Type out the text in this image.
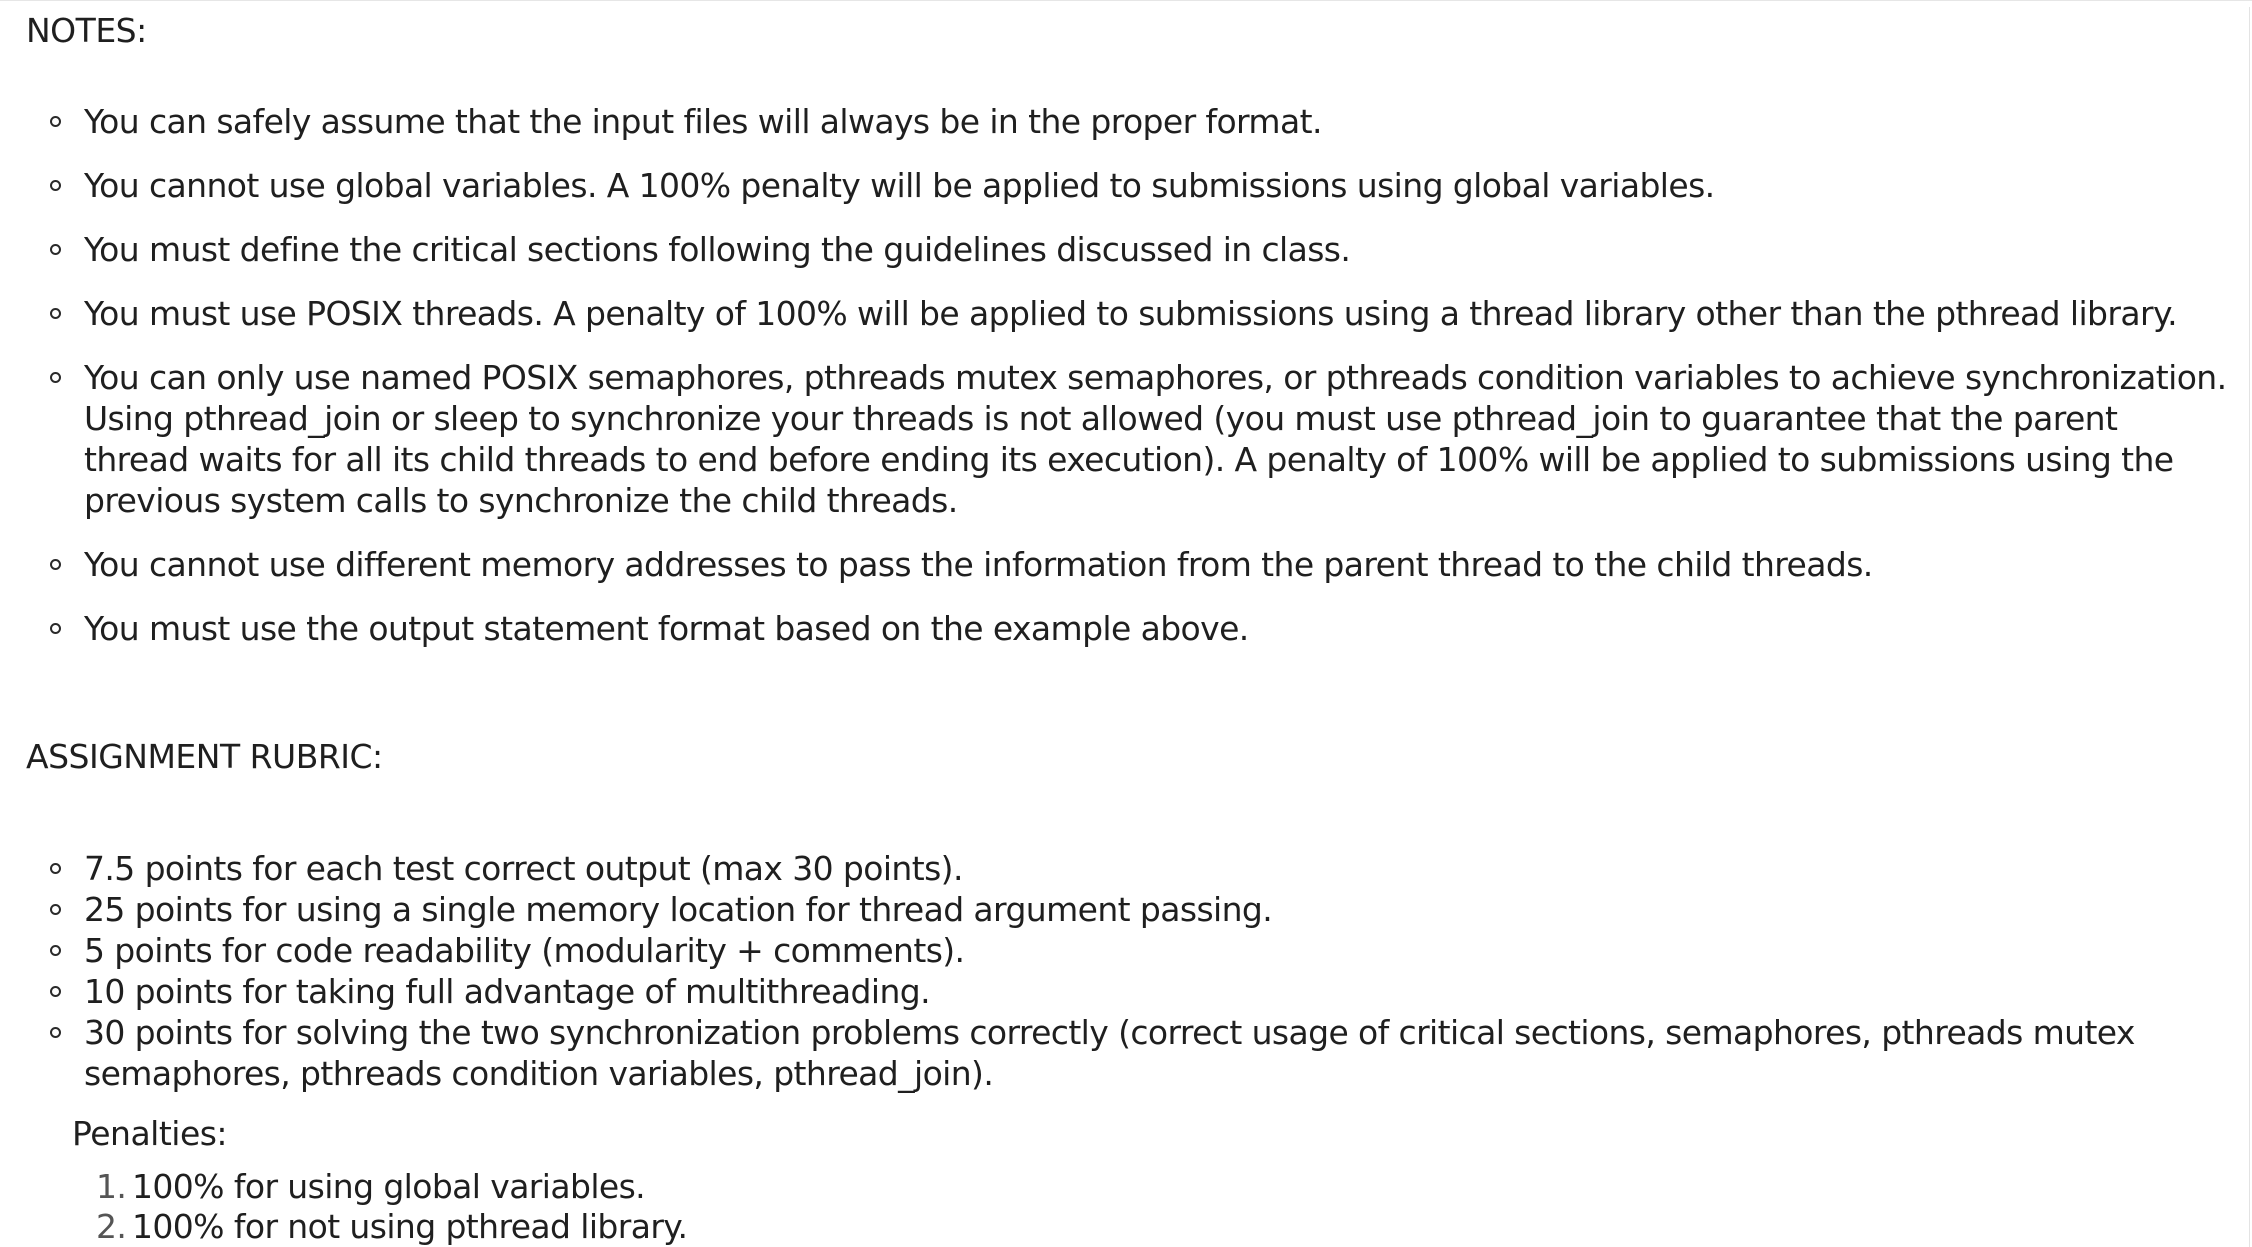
NOTES:
You can safely assume that the input files will always be in the proper format.
You cannot use global variables. A 100% penalty will be applied to submissions using global variables.
You must define the critical sections following the guidelines discussed in class.
You must use POSIX threads. A penalty of 100% will be applied to submissions using a thread library other than the pthread library.
You can only use named POSIX semaphores, pthreads mutex semaphores, or pthreads condition variables to achieve synchronization. Using pthread_join or sleep to synchronize your threads is not allowed (you must use pthread_join to guarantee that the parent thread waits for all its child threads to end before ending its execution). A penalty of 100% will be applied to submissions using the previous system calls to synchronize the child threads.
You cannot use different memory addresses to pass the information from the parent thread to the child threads.
You must use the output statement format based on the example above.
ASSIGNMENT RUBRIC:
7.5 points for each test correct output (max 30 points).
25 points for using a single memory location for thread argument passing.
5 points for code readability (modularity + comments).
10 points for taking full advantage of multithreading.
30 points for solving the two synchronization problems correctly (correct usage of critical sections, semaphores, pthreads mutex semaphores, pthreads condition variables, pthread_join).
Penalties:
1. 100% for using global variables.
2. 100% for not using pthread library.
